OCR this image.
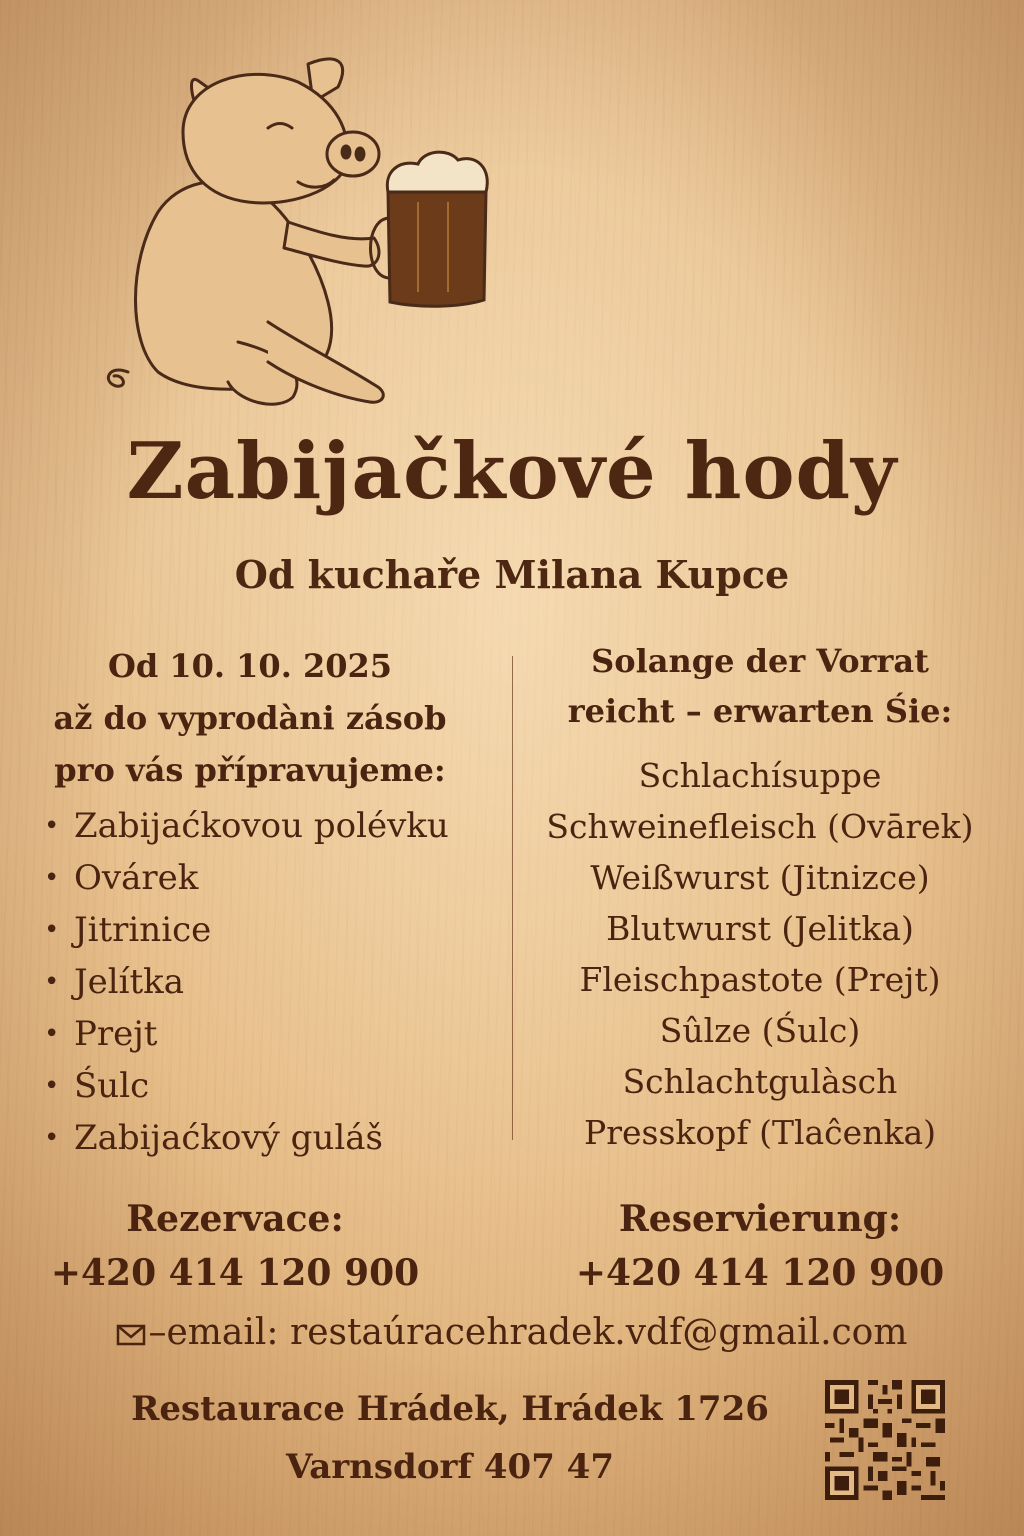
Zabijačkové hody
Od kuchaře Milana Kupce
Od 10. 10. 2025
až do vyprodàni zásob
pro vás přípravujeme:
• Zabijaćkovou polévku
• Ovárek
• Jitrinice
• Jelítka
• Prejt
• Śulc
• Zabijaćkový guláš
Solange der Vorrat
reicht – erwarten Śie:
Schlachísuppe
Schweinefleisch (Ovārek)
Weißwurst (Jitnizce)
Blutwurst (Jelitka)
Fleischpastote (Prejt)
Sûlze (Śulc)
Schlachtgulàsch
Presskopf (Tlaĉenka)
Rezervace:
+420 414 120 900
Reservierung:
+420 414 120 900
–email: restaúracehradek.vdf@gmail.com
Restaurace Hrádek, Hrádek 1726
Varnsdorf 407 47
